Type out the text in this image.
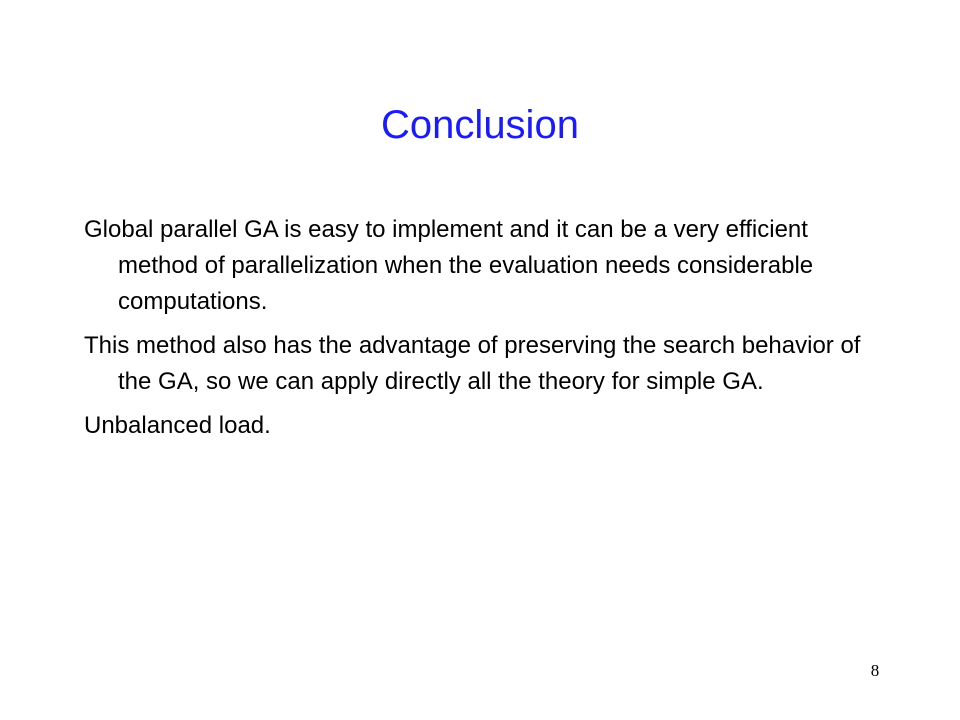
Conclusion

Global parallel GA is easy to implement and it can be a very efficient method of parallelization when the evaluation needs considerable computations.

This method also has the advantage of preserving the search behavior of the GA, so we can apply directly all the theory for simple GA.

Unbalanced load.

8
